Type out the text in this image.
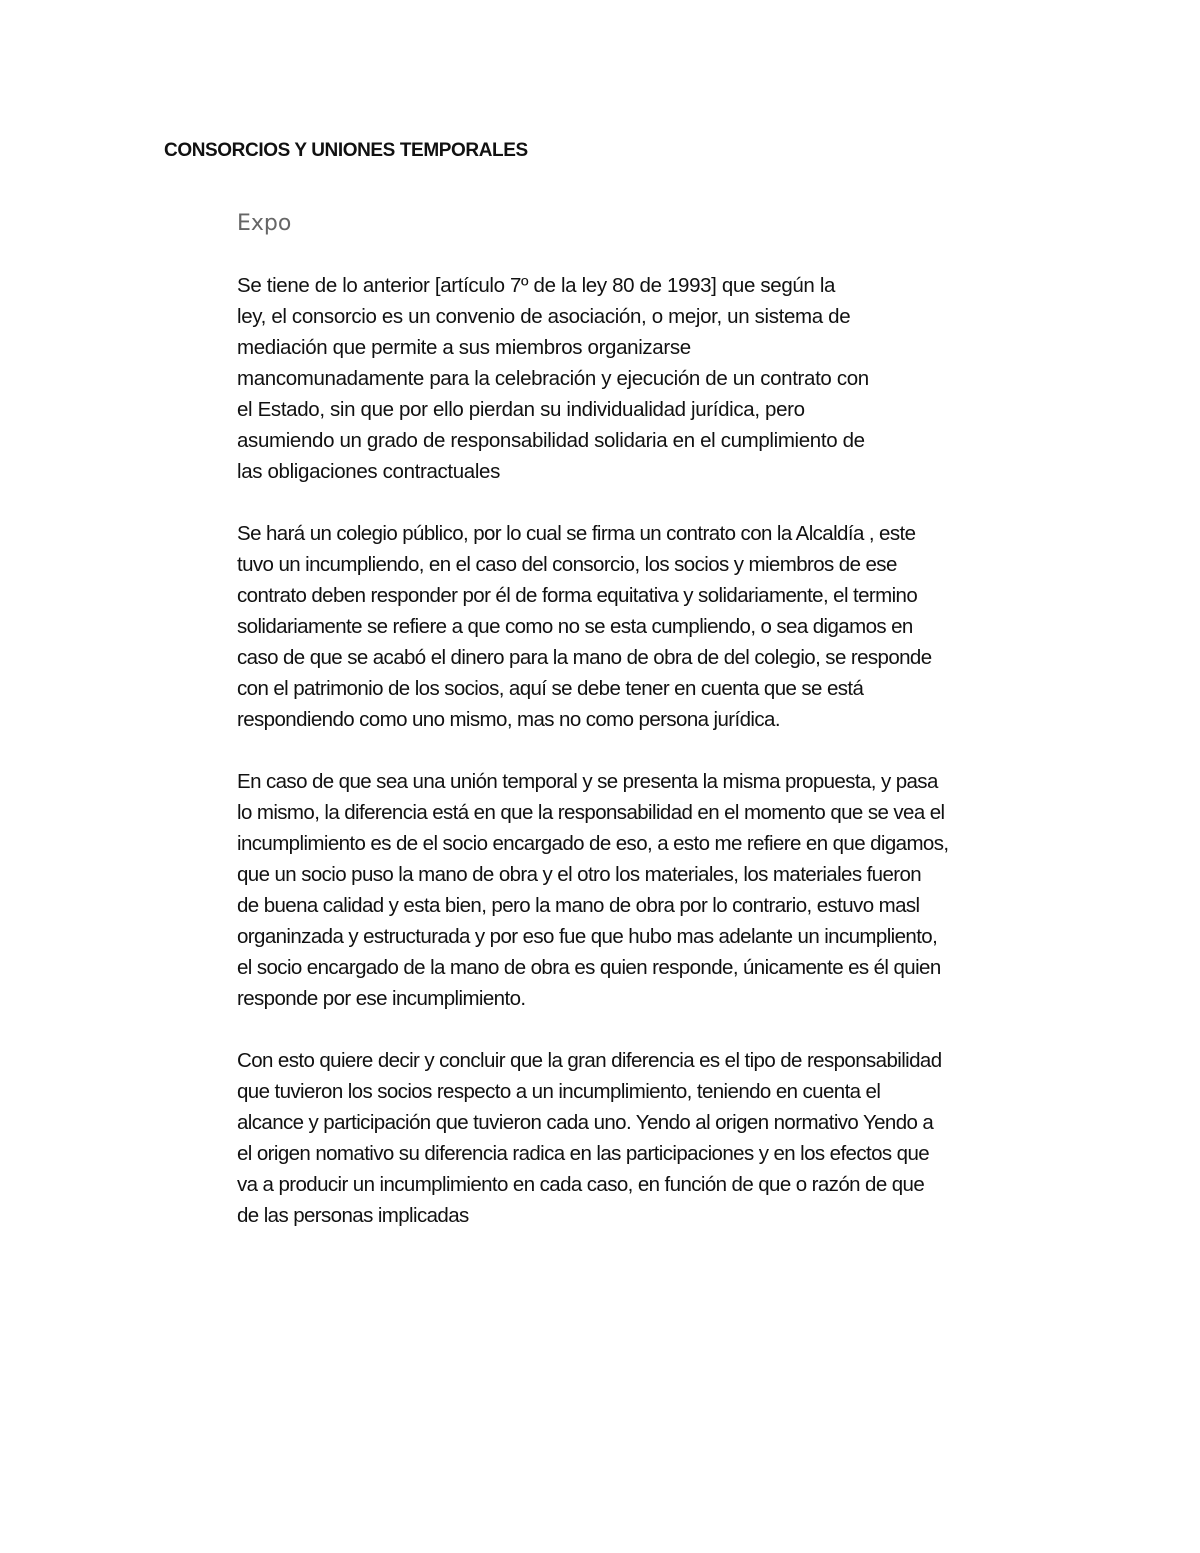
CONSORCIOS Y UNIONES TEMPORALES
Expo
Se tiene de lo anterior [artículo 7º de la ley 80 de 1993] que según la
ley, el consorcio es un convenio de asociación, o mejor, un sistema de
mediación que permite a sus miembros organizarse
mancomunadamente para la celebración y ejecución de un contrato con
el Estado, sin que por ello pierdan su individualidad jurídica, pero
asumiendo un grado de responsabilidad solidaria en el cumplimiento de
las obligaciones contractuales
Se hará un colegio público, por lo cual se firma un contrato con la Alcaldía , este
tuvo un incumpliendo, en el caso del consorcio, los socios y miembros de ese
contrato deben responder por él de forma equitativa y solidariamente, el termino
solidariamente se refiere a que como no se esta cumpliendo, o sea digamos en
caso de que se acabó el dinero para la mano de obra de del colegio, se responde
con el patrimonio de los socios, aquí se debe tener en cuenta que se está
respondiendo como uno mismo, mas no como persona jurídica.
En caso de que sea una unión temporal y se presenta la misma propuesta, y pasa
lo mismo, la diferencia está en que la responsabilidad en el momento que se vea el
incumplimiento es de el socio encargado de eso, a esto me refiere en que digamos,
que un socio puso la mano de obra y el otro los materiales, los materiales fueron
de buena calidad y esta bien, pero la mano de obra por lo contrario, estuvo masl
organinzada y estructurada y por eso fue que hubo mas adelante un incumpliento,
el socio encargado de la mano de obra es quien responde, únicamente es él quien
responde por ese incumplimiento.
Con esto quiere decir y concluir que la gran diferencia es el tipo de responsabilidad
que tuvieron los socios respecto a un incumplimiento, teniendo en cuenta el
alcance y participación que tuvieron cada uno. Yendo al origen normativo Yendo a
el origen nomativo su diferencia radica en las participaciones y en los efectos que
va a producir un incumplimiento en cada caso, en función de que o razón de que
de las personas implicadas
